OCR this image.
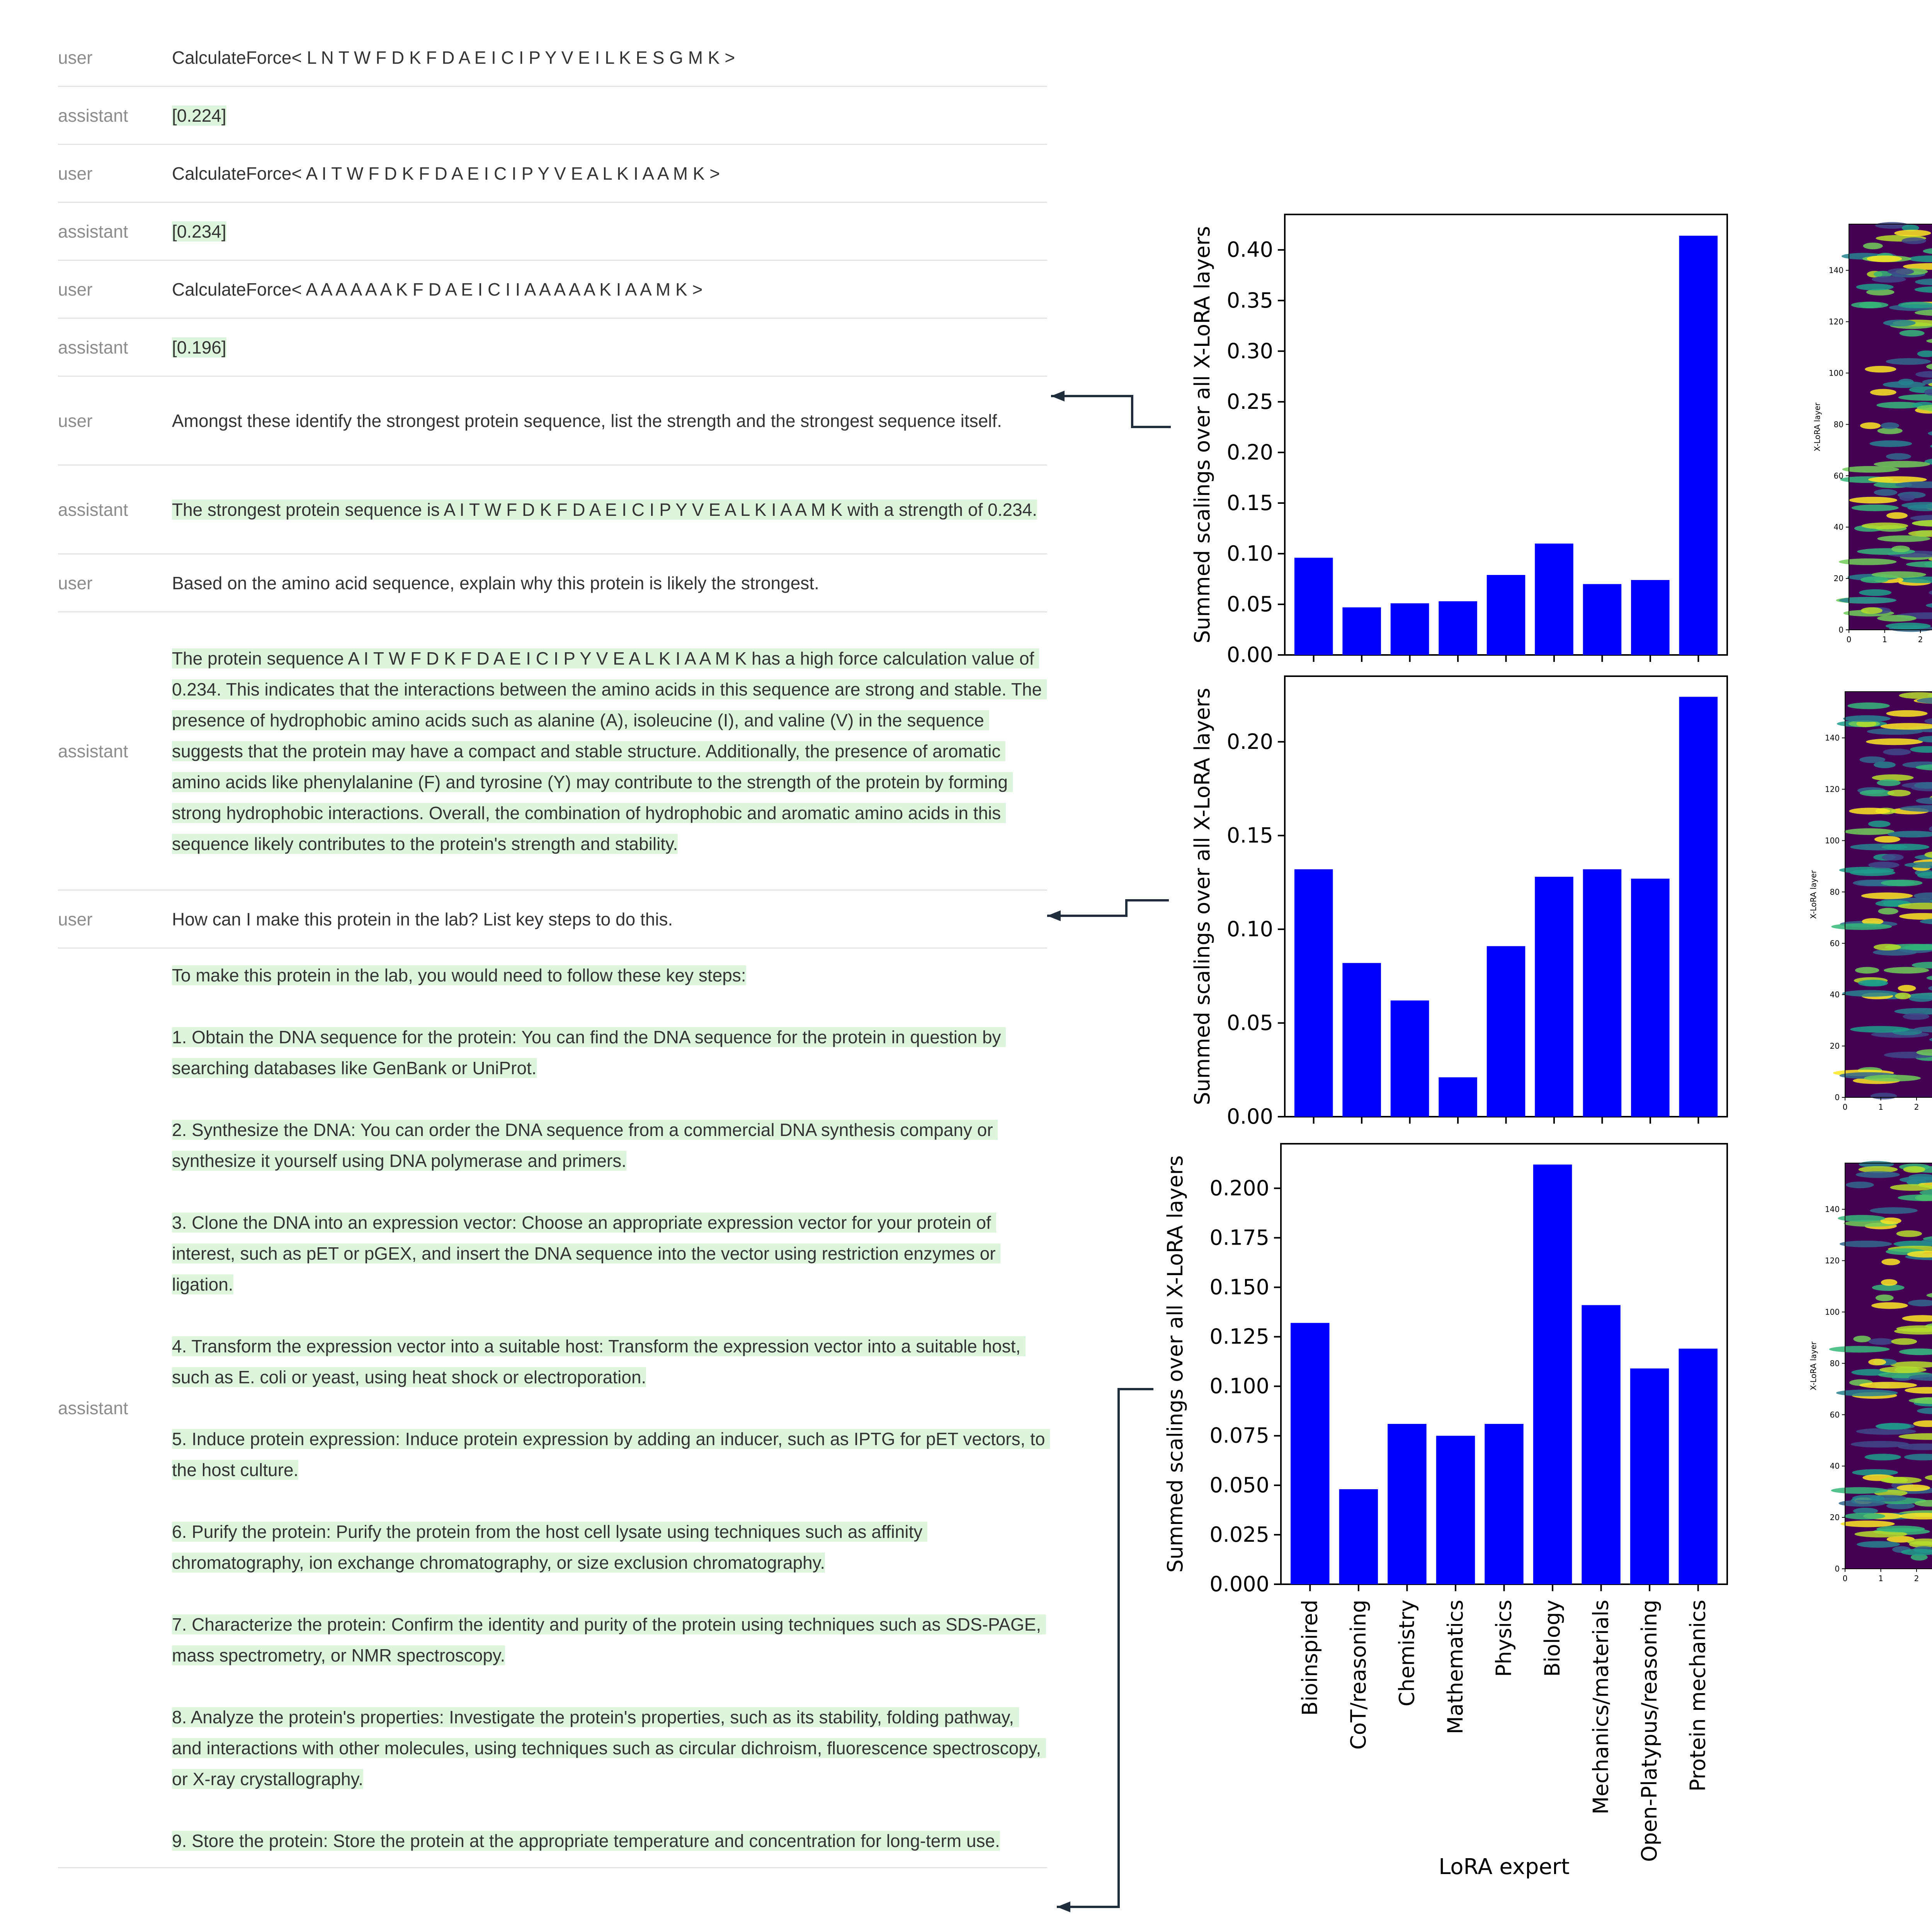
user	CalculateForce< L N T W F D K F D A E I C I P Y V E I L K E S G M K >
assistant	[0.224]
user	CalculateForce< A I T W F D K F D A E I C I P Y V E A L K I A A M K >
assistant	[0.234]
user	CalculateForce< A A A A A A K F D A E I C I I A A A A A K I A A M K >
assistant	[0.196]
user	Amongst these identify the strongest protein sequence, list the strength and the strongest sequence itself.
assistant	The strongest protein sequence is A I T W F D K F D A E I C I P Y V E A L K I A A M K with a strength of 0.234.
user	Based on the amino acid sequence, explain why this protein is likely the strongest.
assistant
The protein sequence A I T W F D K F D A E I C I P Y V E A L K I A A M K has a high force calculation value of 0.234. This indicates that the interactions between the amino acids in this sequence are strong and stable. The presence of hydrophobic amino acids such as alanine (A), isoleucine (I), and valine (V) in the sequence suggests that the protein may have a compact and stable structure. Additionally, the presence of aromatic amino acids like phenylalanine (F) and tyrosine (Y) may contribute to the strength of the protein by forming strong hydrophobic interactions. Overall, the combination of hydrophobic and aromatic amino acids in this sequence likely contributes to the protein's strength and stability.
user	How can I make this protein in the lab? List key steps to do this.
assistant
To make this protein in the lab, you would need to follow these key steps:

1. Obtain the DNA sequence for the protein: You can find the DNA sequence for the protein in question by searching databases like GenBank or UniProt.

2. Synthesize the DNA: You can order the DNA sequence from a commercial DNA synthesis company or synthesize it yourself using DNA polymerase and primers.

3. Clone the DNA into an expression vector: Choose an appropriate expression vector for your protein of interest, such as pET or pGEX, and insert the DNA sequence into the vector using restriction enzymes or ligation.

4. Transform the expression vector into a suitable host: Transform the expression vector into a suitable host, such as E. coli or yeast, using heat shock or electroporation.

5. Induce protein expression: Induce protein expression by adding an inducer, such as IPTG for pET vectors, to the host culture.

6. Purify the protein: Purify the protein from the host cell lysate using techniques such as affinity chromatography, ion exchange chromatography, or size exclusion chromatography.

7. Characterize the protein: Confirm the identity and purity of the protein using techniques such as SDS-PAGE, mass spectrometry, or NMR spectroscopy.

8. Analyze the protein's properties: Investigate the protein's properties, such as its stability, folding pathway, and interactions with other molecules, using techniques such as circular dichroism, fluorescence spectroscopy, or X-ray crystallography.

9. Store the protein: Store the protein at the appropriate temperature and concentration for long-term use.
0.00
0.05
0.10
0.15
0.20
0.25
0.30
0.35
0.40
Summed scalings over all X-LoRA layers
0.00
0.05
0.10
0.15
0.20
Summed scalings over all X-LoRA layers
Bioinspired CoT/reasoning Chemistry Mathematics Physics Biology Mechanics/materials Open-Platypus/reasoning Protein mechanics
0.000
0.025
0.050
0.075
0.100
0.125
0.150
0.175
0.200
Summed scalings over all X-LoRA layers
LoRA expert
0	1	2
0
20
40
60
80
100
120
140
X-LoRA layer
0	1	2
0
20
40
60
80
100
120
140
X-LoRA layer
0	1	2
0
20
40
60
80
100
120
140
X-LoRA layer
